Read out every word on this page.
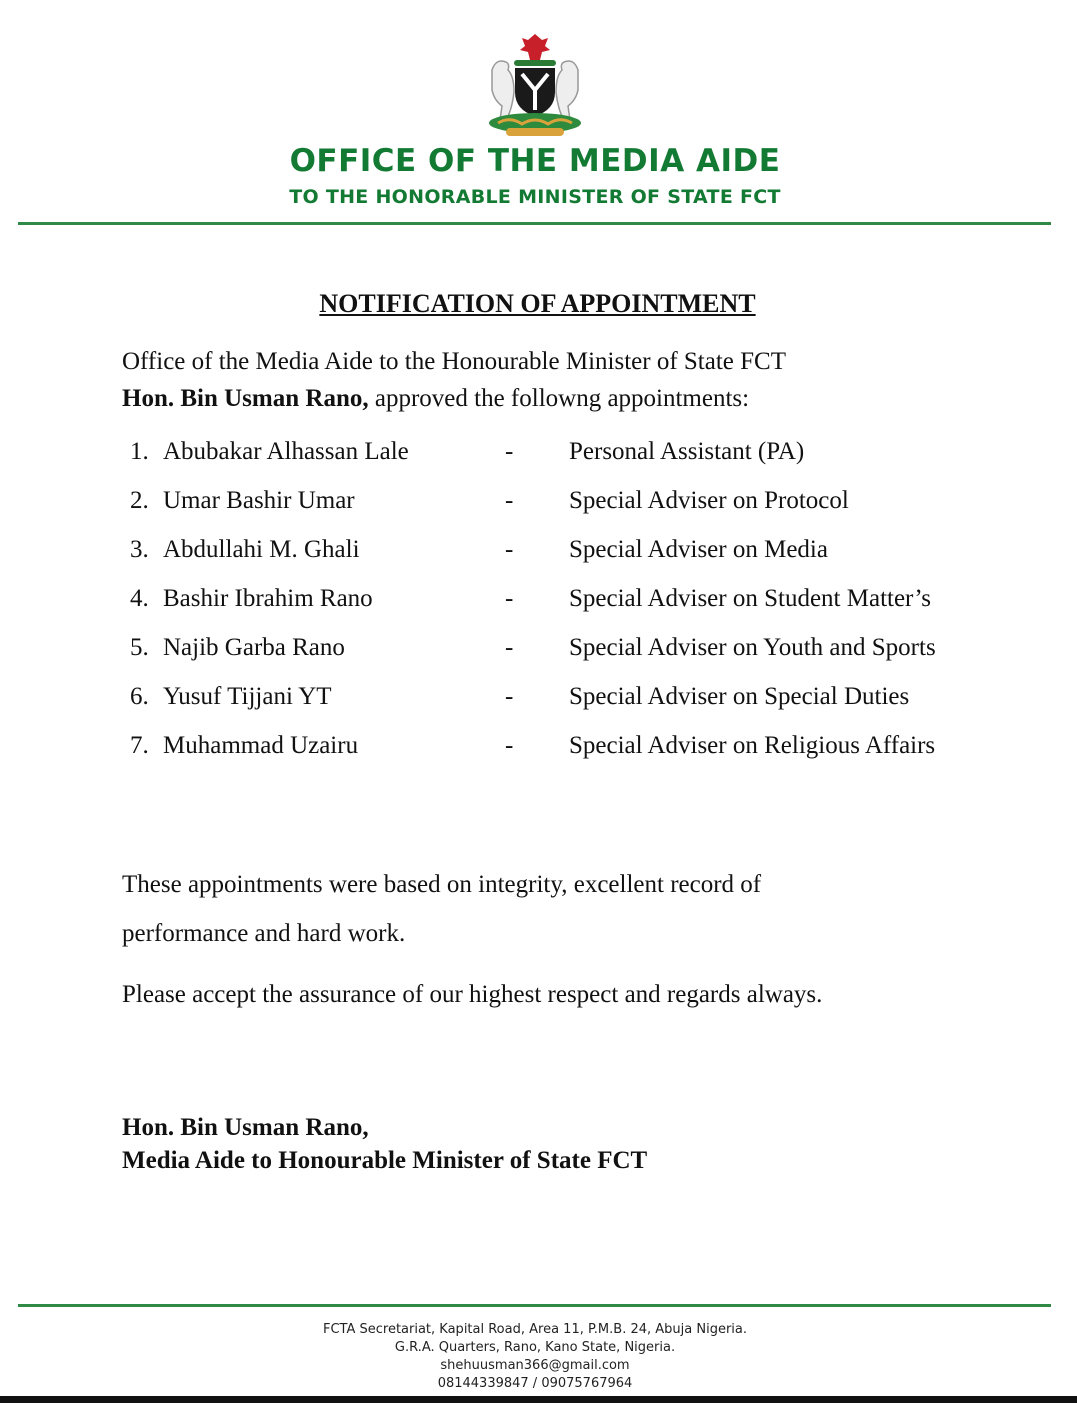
OFFICE OF THE MEDIA AIDE
TO THE HONORABLE MINISTER OF STATE FCT
NOTIFICATION OF APPOINTMENT
Office of the Media Aide to the Honourable Minister of State FCT
Hon. Bin Usman Rano, approved the followng appointments:
1. Abubakar Alhassan Lale	- Personal Assistant (PA)
2. Umar Bashir Umar	- Special Adviser on Protocol
3. Abdullahi M. Ghali	- Special Adviser on Media
4. Bashir Ibrahim Rano	- Special Adviser on Student Matter’s
5. Najib Garba Rano	- Special Adviser on Youth and Sports
6. Yusuf Tijjani YT	- Special Adviser on Special Duties
7. Muhammad Uzairu	- Special Adviser on Religious Affairs
These appointments were based on integrity, excellent record of
performance and hard work.
Please accept the assurance of our highest respect and regards always.
Hon. Bin Usman Rano,
Media Aide to Honourable Minister of State FCT
FCTA Secretariat, Kapital Road, Area 11, P.M.B. 24, Abuja Nigeria.
G.R.A. Quarters, Rano, Kano State, Nigeria.
shehuusman366@gmail.com
08144339847 / 09075767964
